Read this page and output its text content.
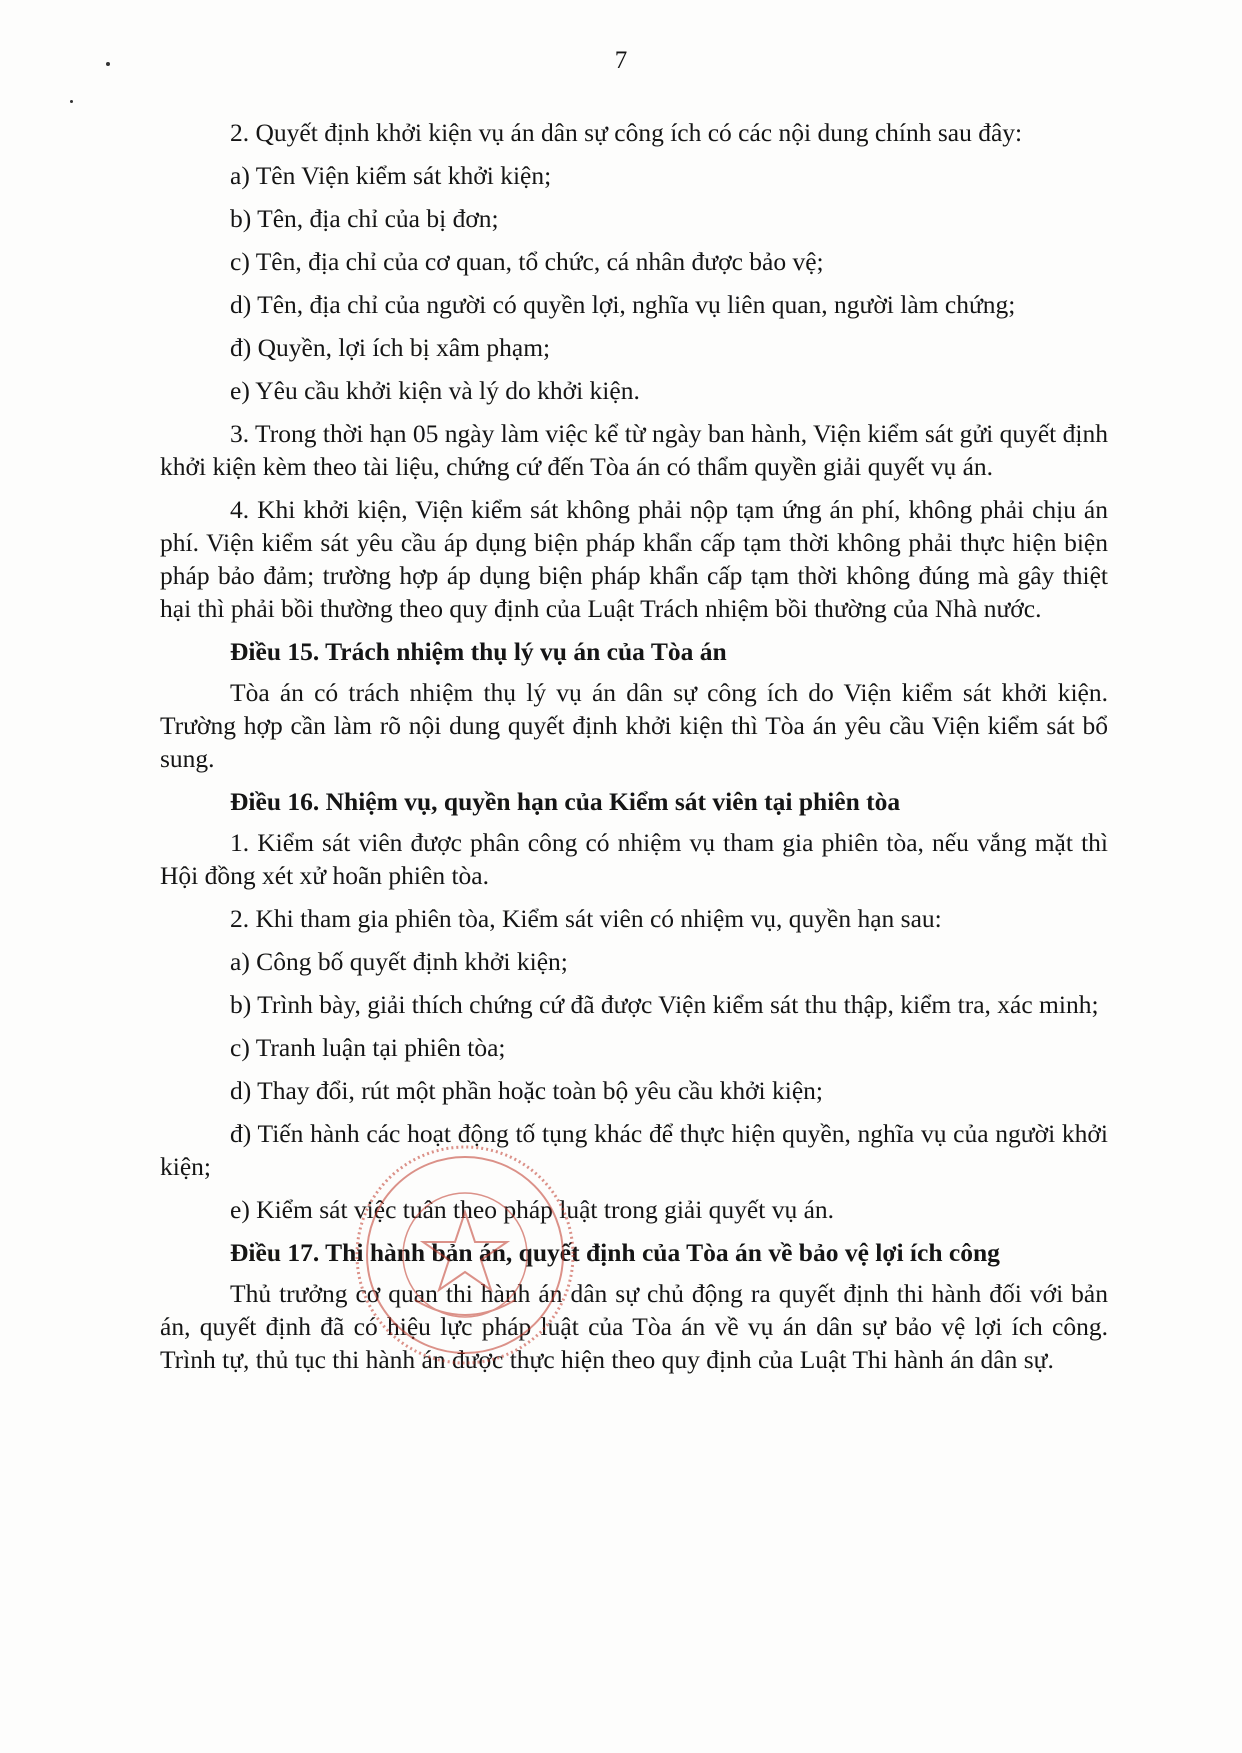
7

2. Quyết định khởi kiện vụ án dân sự công ích có các nội dung chính sau đây:

a) Tên Viện kiểm sát khởi kiện;

b) Tên, địa chỉ của bị đơn;

c) Tên, địa chỉ của cơ quan, tổ chức, cá nhân được bảo vệ;

d) Tên, địa chỉ của người có quyền lợi, nghĩa vụ liên quan, người làm chứng;

đ) Quyền, lợi ích bị xâm phạm;

e) Yêu cầu khởi kiện và lý do khởi kiện.

3. Trong thời hạn 05 ngày làm việc kể từ ngày ban hành, Viện kiểm sát gửi quyết định khởi kiện kèm theo tài liệu, chứng cứ đến Tòa án có thẩm quyền giải quyết vụ án.

4. Khi khởi kiện, Viện kiểm sát không phải nộp tạm ứng án phí, không phải chịu án phí. Viện kiểm sát yêu cầu áp dụng biện pháp khẩn cấp tạm thời không phải thực hiện biện pháp bảo đảm; trường hợp áp dụng biện pháp khẩn cấp tạm thời không đúng mà gây thiệt hại thì phải bồi thường theo quy định của Luật Trách nhiệm bồi thường của Nhà nước.

Điều 15. Trách nhiệm thụ lý vụ án của Tòa án

Tòa án có trách nhiệm thụ lý vụ án dân sự công ích do Viện kiểm sát khởi kiện. Trường hợp cần làm rõ nội dung quyết định khởi kiện thì Tòa án yêu cầu Viện kiểm sát bổ sung.

Điều 16. Nhiệm vụ, quyền hạn của Kiểm sát viên tại phiên tòa

1. Kiểm sát viên được phân công có nhiệm vụ tham gia phiên tòa, nếu vắng mặt thì Hội đồng xét xử hoãn phiên tòa.

2. Khi tham gia phiên tòa, Kiểm sát viên có nhiệm vụ, quyền hạn sau:

a) Công bố quyết định khởi kiện;

b) Trình bày, giải thích chứng cứ đã được Viện kiểm sát thu thập, kiểm tra, xác minh;

c) Tranh luận tại phiên tòa;

d) Thay đổi, rút một phần hoặc toàn bộ yêu cầu khởi kiện;

đ) Tiến hành các hoạt động tố tụng khác để thực hiện quyền, nghĩa vụ của người khởi kiện;

e) Kiểm sát việc tuân theo pháp luật trong giải quyết vụ án.

Điều 17. Thi hành bản án, quyết định của Tòa án về bảo vệ lợi ích công

Thủ trưởng cơ quan thi hành án dân sự chủ động ra quyết định thi hành đối với bản án, quyết định đã có hiệu lực pháp luật của Tòa án về vụ án dân sự bảo vệ lợi ích công. Trình tự, thủ tục thi hành án được thực hiện theo quy định của Luật Thi hành án dân sự.
